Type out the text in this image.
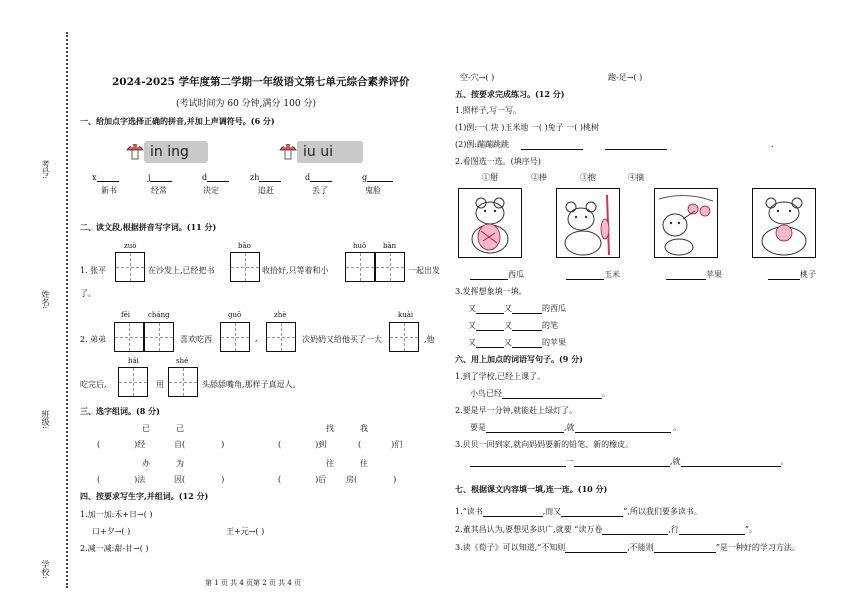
考号:
姓名:
班级:
学校:
2024-2025 学年度第二学期一年级语文第七单元综合素养评价
(考试时间为 60 分钟,满分 100 分)
一、给加点字选择正确的拼音,并加上声调符号。(6 分)
in ing	iu ui
x	j	d	zh	d	g
新书	经常	决定	追赶	丢了	鬼脸
二、读文段,根据拼音写字词。(11 分)
zuò	bǎo	huǒ bàn
1. 张平	在沙发上,已经把书	收拾好,只等着和小	一起出发
了。
fēi	cháng	guō	zhè	kuài
2. 弟弟	喜欢吃西	,	次奶奶又给他买了一大	,他
hái	shé
吃完后,	用	头舔舔嘴角,那样子真逗人。
三、选字组词。(8 分)
已	己	找	我
(	)经	自(	)	(	)到	(	)们
办	为	往	住
(	)法	因(	)	(	)后 房(	)
四、按要求写生字,并组词。(12 分)
1.加一加:禾+日→( )
口+夕→( )	王+元→( )
2.减一减:甜-甘→( )
第 1 页 共 4 页第 2 页 共 4 页
空-穴→( )	跑-足→( )
五、按要求完成练习。(12 分)
1.照样子,写一写。
(1)例:一( 块 )玉米地 一( )兔子 一( )桃树
(2)例:蹦蹦跳跳	.
2.看图选一选。(填序号)
①掰	②捧	③抱	④摘
西瓜	玉米	苹果	桃子
3.发挥想象填一填。
又	又	的西瓜
又	又	的笔
又	又	的苹果
六、用上加点的词语写句子。(9 分)
1.到了学校,已经上课了。
小鸟已经	。
2.要是早一分钟,就能赶上绿灯了。
要是	,就	。
3.贝贝一回到家,就向妈妈要新的铅笔、新的橡皮。
一	,就	。
七、根据课文内容填一填,连一连。(10 分)
1.“读书	,而又	”,所以我们要多读书。
2.董其昌认为,要想见多识广,就要 “读万卷	,行	”。
3.读《荀子》可以知道,“不知则	,不能则	”是一种好的学习方法。
